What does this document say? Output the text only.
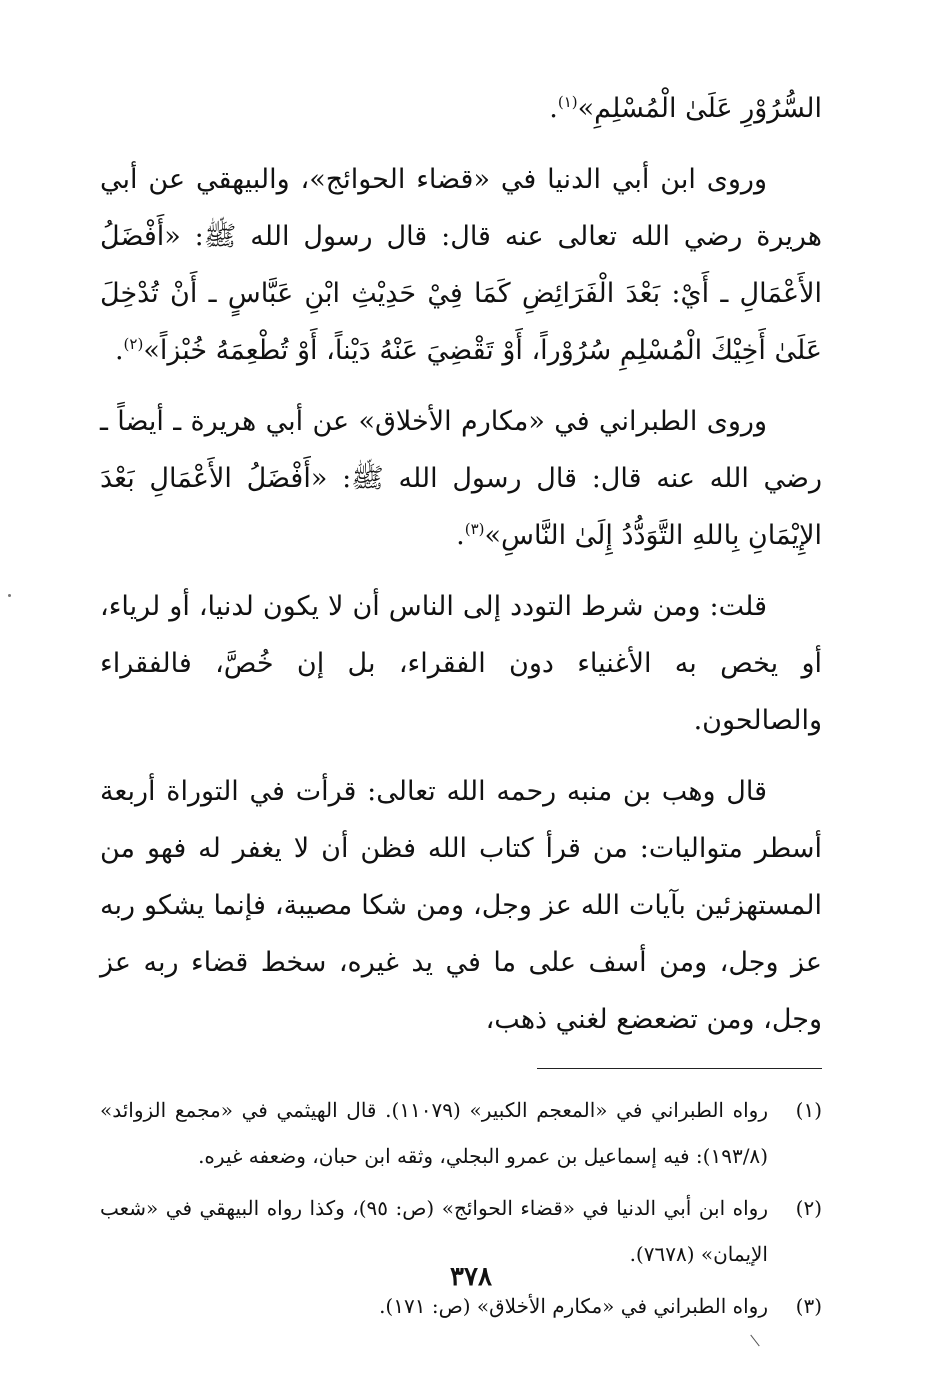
السُّرُوْرِ عَلَىٰ الْمُسْلِمِ»$^{(١)}$.

وروى ابن أبي الدنيا في «قضاء الحوائج»، والبيهقي عن أبي هريرة رضي الله تعالى عنه قال: قال رسول الله ﷺ: «أَفْضَلُ الأَعْمَالِ ـ أَيْ: بَعْدَ الْفَرَائِضِ كَمَا فِيْ حَدِيْثِ ابْنِ عَبَّاسٍ ـ أَنْ تُدْخِلَ عَلَىٰ أَخِيْكَ الْمُسْلِمِ سُرُوْراً، أَوْ تَقْضِيَ عَنْهُ دَيْناً، أَوْ تُطْعِمَهُ خُبْزاً»$^{(٢)}$.

وروى الطبراني في «مكارم الأخلاق» عن أبي هريرة ـ أيضاً ـ رضي الله عنه قال: قال رسول الله ﷺ: «أَفْضَلُ الأَعْمَالِ بَعْدَ الإِيْمَانِ بِاللهِ التَّوَدُّدُ إِلَىٰ النَّاسِ»$^{(٣)}$.

قلت: ومن شرط التودد إلى الناس أن لا يكون لدنيا، أو لرياء، أو يخص به الأغنياء دون الفقراء، بل إن خُصَّ، فالفقراء والصالحون.

قال وهب بن منبه رحمه الله تعالى: قرأت في التوراة أربعة أسطر متواليات: من قرأ كتاب الله فظن أن لا يغفر له فهو من المستهزئين بآيات الله عز وجل، ومن شكا مصيبة، فإنما يشكو ربه عز وجل، ومن أسف على ما في يد غيره، سخط قضاء ربه عز وجل، ومن تضعضع لغني ذهب،

(١)
رواه الطبراني في «المعجم الكبير» (١١٠٧٩). قال الهيثمي في «مجمع الزوائد» (١٩٣/٨): فيه إسماعيل بن عمرو البجلي، وثقه ابن حبان، وضعفه غيره.
(٢)
رواه ابن أبي الدنيا في «قضاء الحوائج» (ص: ٩٥)، وكذا رواه البيهقي في «شعب الإيمان» (٧٦٧٨).
(٣)
رواه الطبراني في «مكارم الأخلاق» (ص: ١٧١).
٣٧٨
